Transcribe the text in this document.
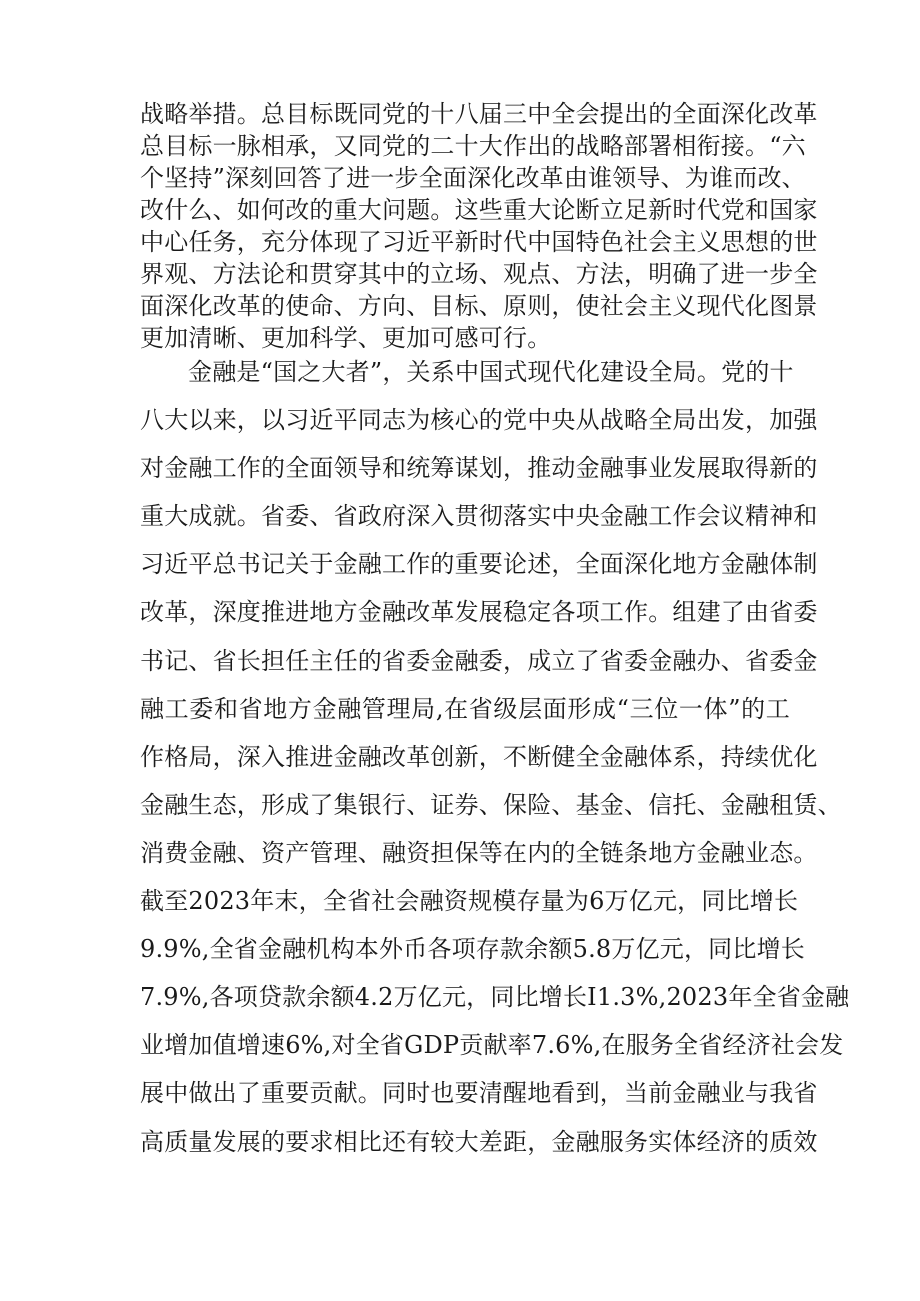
战略举措。总目标既同党的十八届三中全会提出的全面深化改革
总目标一脉相承，又同党的二十大作出的战略部署相衔接。“六
个坚持”深刻回答了进一步全面深化改革由谁领导、为谁而改、
改什么、如何改的重大问题。这些重大论断立足新时代党和国家
中心任务，充分体现了习近平新时代中国特色社会主义思想的世
界观、方法论和贯穿其中的立场、观点、方法，明确了进一步全
面深化改革的使命、方向、目标、原则，使社会主义现代化图景
更加清晰、更加科学、更加可感可行。
金融是“国之大者”，关系中国式现代化建设全局。党的十
八大以来，以习近平同志为核心的党中央从战略全局出发，加强
对金融工作的全面领导和统筹谋划，推动金融事业发展取得新的
重大成就。省委、省政府深入贯彻落实中央金融工作会议精神和
习近平总书记关于金融工作的重要论述，全面深化地方金融体制
改革，深度推进地方金融改革发展稳定各项工作。组建了由省委
书记、省长担任主任的省委金融委，成立了省委金融办、省委金
融工委和省地方金融管理局,在省级层面形成“三位一体”的工
作格局，深入推进金融改革创新，不断健全金融体系，持续优化
金融生态，形成了集银行、证券、保险、基金、信托、金融租赁、
消费金融、资产管理、融资担保等在内的全链条地方金融业态。
截至2023年末，全省社会融资规模存量为6万亿元，同比增长
9.9%,全省金融机构本外币各项存款余额5.8万亿元，同比增长
7.9%,各项贷款余额4.2万亿元，同比增长I1.3%,2023年全省金融
业增加值增速6%,对全省GDP贡献率7.6%,在服务全省经济社会发
展中做出了重要贡献。同时也要清醒地看到，当前金融业与我省
高质量发展的要求相比还有较大差距，金融服务实体经济的质效
